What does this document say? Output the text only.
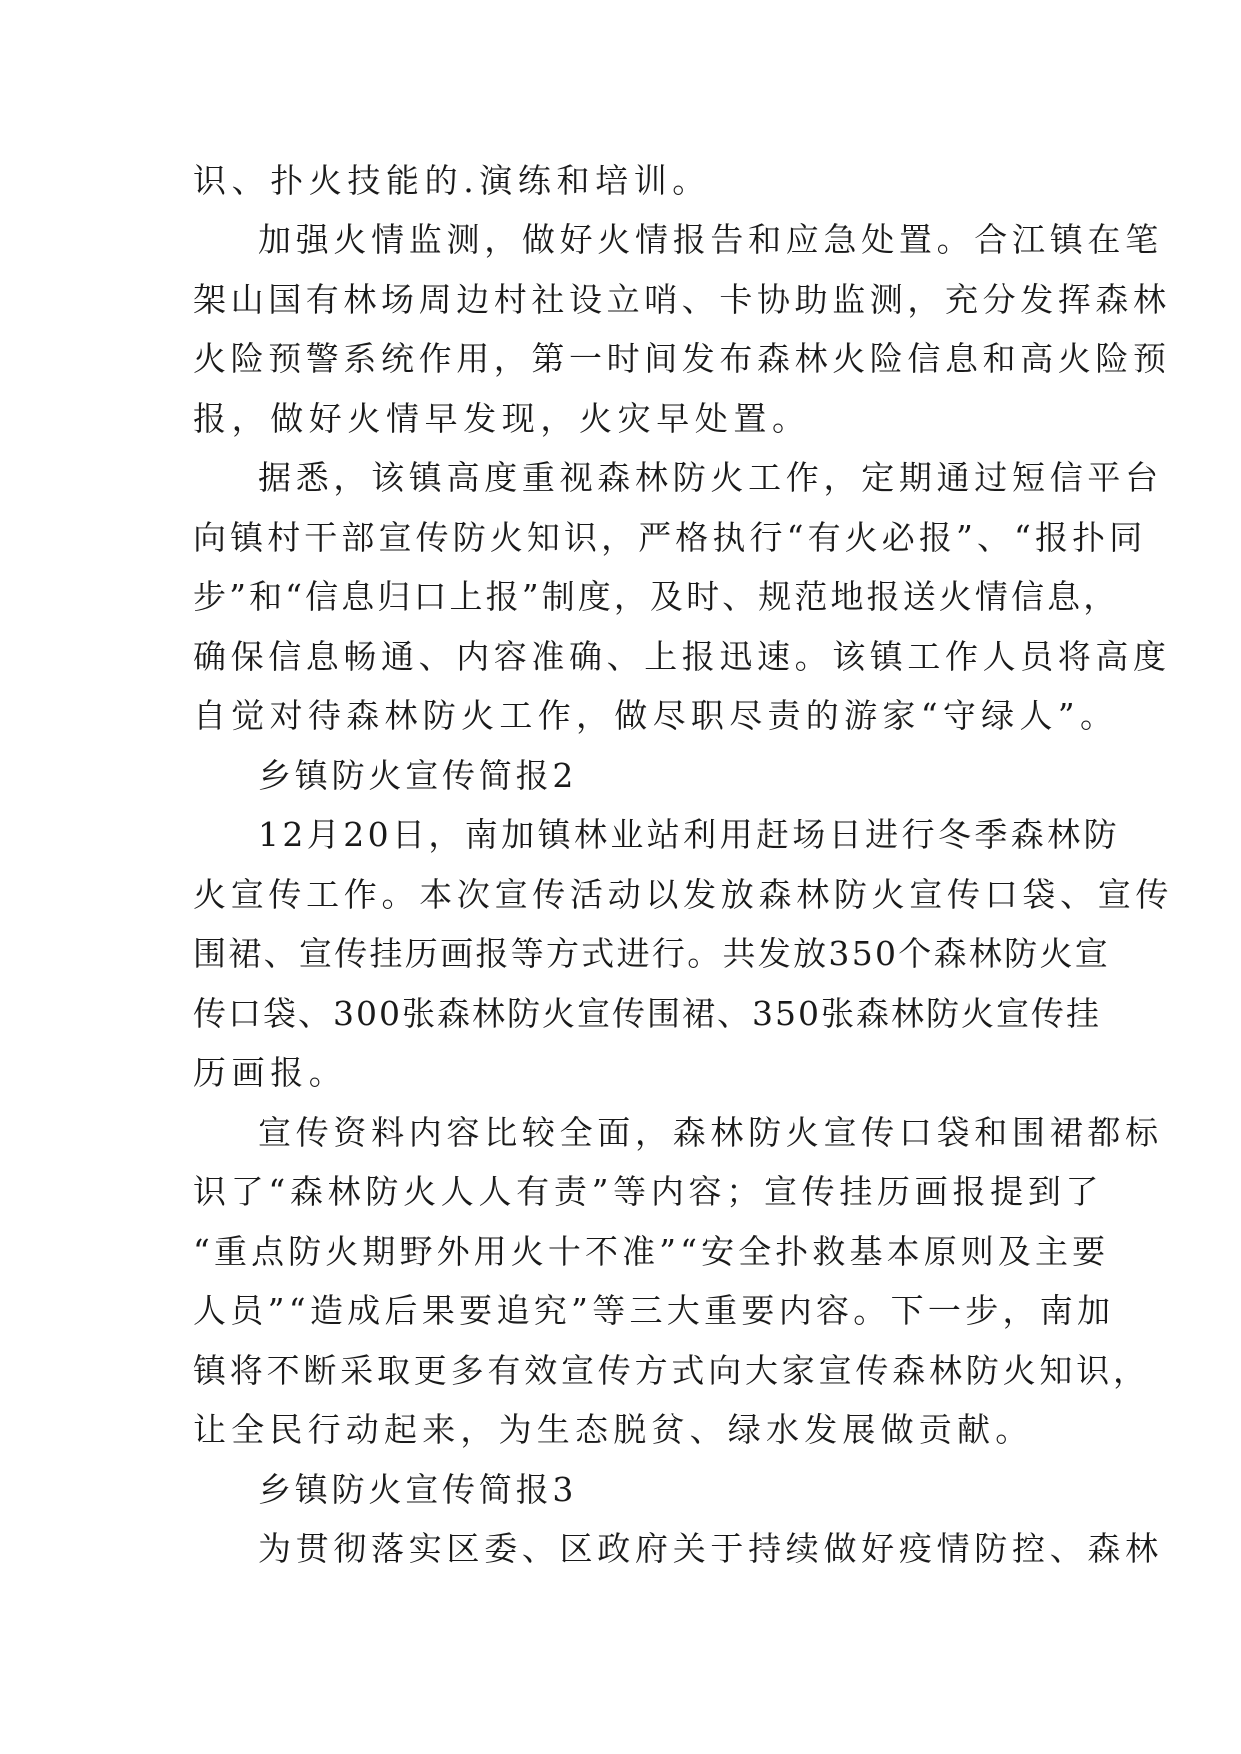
识、扑火技能的.演练和培训。

加强火情监测，做好火情报告和应急处置。合江镇在笔

架山国有林场周边村社设立哨、卡协助监测，充分发挥森林

火险预警系统作用，第一时间发布森林火险信息和高火险预

报，做好火情早发现，火灾早处置。

据悉，该镇高度重视森林防火工作，定期通过短信平台

向镇村干部宣传防火知识，严格执行“有火必报”、“报扑同

步”和“信息归口上报”制度，及时、规范地报送火情信息，

确保信息畅通、内容准确、上报迅速。该镇工作人员将高度

自觉对待森林防火工作，做尽职尽责的游家“守绿人”。

乡镇防火宣传简报2

12月20日，南加镇林业站利用赶场日进行冬季森林防

火宣传工作。本次宣传活动以发放森林防火宣传口袋、宣传

围裙、宣传挂历画报等方式进行。共发放350个森林防火宣

传口袋、300张森林防火宣传围裙、350张森林防火宣传挂

历画报。

宣传资料内容比较全面，森林防火宣传口袋和围裙都标

识了“森林防火人人有责”等内容；宣传挂历画报提到了

“重点防火期野外用火十不准”“安全扑救基本原则及主要

人员”“造成后果要追究”等三大重要内容。下一步，南加

镇将不断采取更多有效宣传方式向大家宣传森林防火知识，

让全民行动起来，为生态脱贫、绿水发展做贡献。

乡镇防火宣传简报3

为贯彻落实区委、区政府关于持续做好疫情防控、森林
